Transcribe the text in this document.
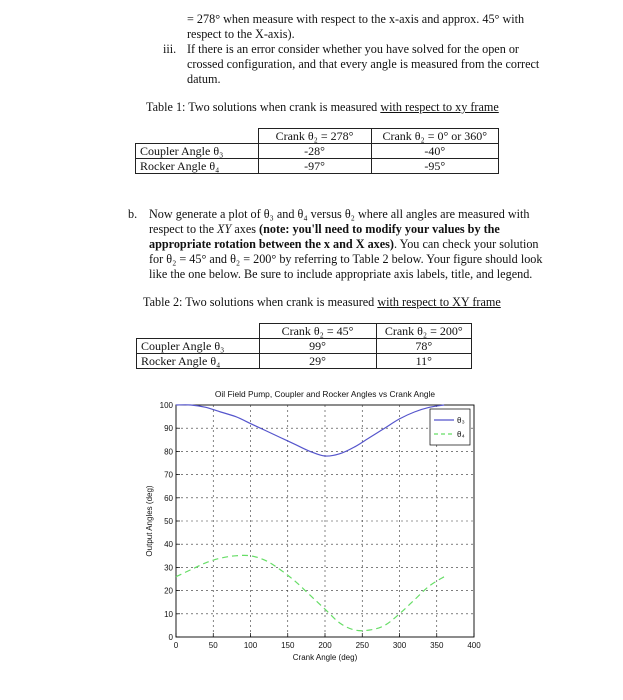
= 278° when measure with respect to the x-axis and approx. 45° with
respect to the X-axis).
iii. If there is an error consider whether you have solved for the open or
crossed configuration, and that every angle is measured from the correct
datum.
Table 1: Two solutions when crank is measured with respect to xy frame
	Crank θ₂ = 278°	Crank θ₂ = 0° or 360°
Coupler Angle θ₃	-28°	-40°
Rocker Angle θ₄	-97°	-95°
b. Now generate a plot of θ₃ and θ₄ versus θ₂ where all angles are measured with
respect to the XY axes (note: you'll need to modify your values by the
appropriate rotation between the x and X axes). You can check your solution
for θ₂ = 45° and θ₂ = 200° by referring to Table 2 below. Your figure should look
like the one below. Be sure to include appropriate axis labels, title, and legend.
Table 2: Two solutions when crank is measured with respect to XY frame
	Crank θ₂ = 45°	Crank θ₂ = 200°
Coupler Angle θ₃	99°	78°
Rocker Angle θ₄	29°	11°
Oil Field Pump, Coupler and Rocker Angles vs Crank Angle
0	50	100	150	200	250	300	350	400
0
10
20
30
40
50
60
70
80
90
100
Crank Angle (deg)
Output Angles (deg)
θ₃
θ₄
